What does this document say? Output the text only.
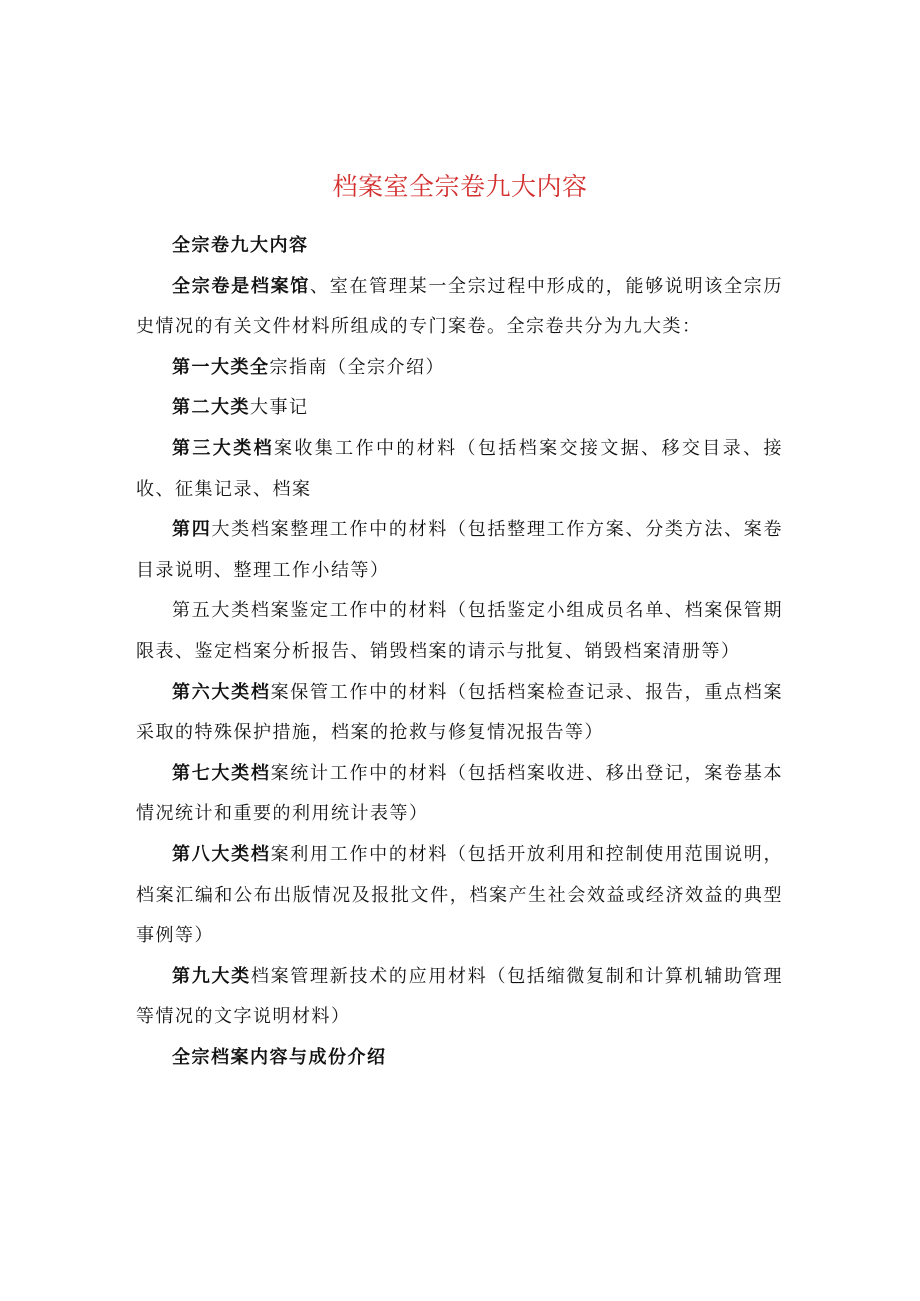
档案室全宗卷九大内容

全宗卷九大内容

全宗卷是档案馆、室在管理某一全宗过程中形成的，能够说明该全宗历史情况的有关文件材料所组成的专门案卷。全宗卷共分为九大类：

第一大类全宗指南（全宗介绍）

第二大类大事记

第三大类档案收集工作中的材料（包括档案交接文据、移交目录、接收、征集记录、档案

第四大类档案整理工作中的材料（包括整理工作方案、分类方法、案卷目录说明、整理工作小结等）

第五大类档案鉴定工作中的材料（包括鉴定小组成员名单、档案保管期限表、鉴定档案分析报告、销毁档案的请示与批复、销毁档案清册等）

第六大类档案保管工作中的材料（包括档案检查记录、报告，重点档案采取的特殊保护措施，档案的抢救与修复情况报告等）

第七大类档案统计工作中的材料（包括档案收进、移出登记，案卷基本情况统计和重要的利用统计表等）

第八大类档案利用工作中的材料（包括开放利用和控制使用范围说明，档案汇编和公布出版情况及报批文件，档案产生社会效益或经济效益的典型事例等）

第九大类档案管理新技术的应用材料（包括缩微复制和计算机辅助管理等情况的文字说明材料）

全宗档案内容与成份介绍
